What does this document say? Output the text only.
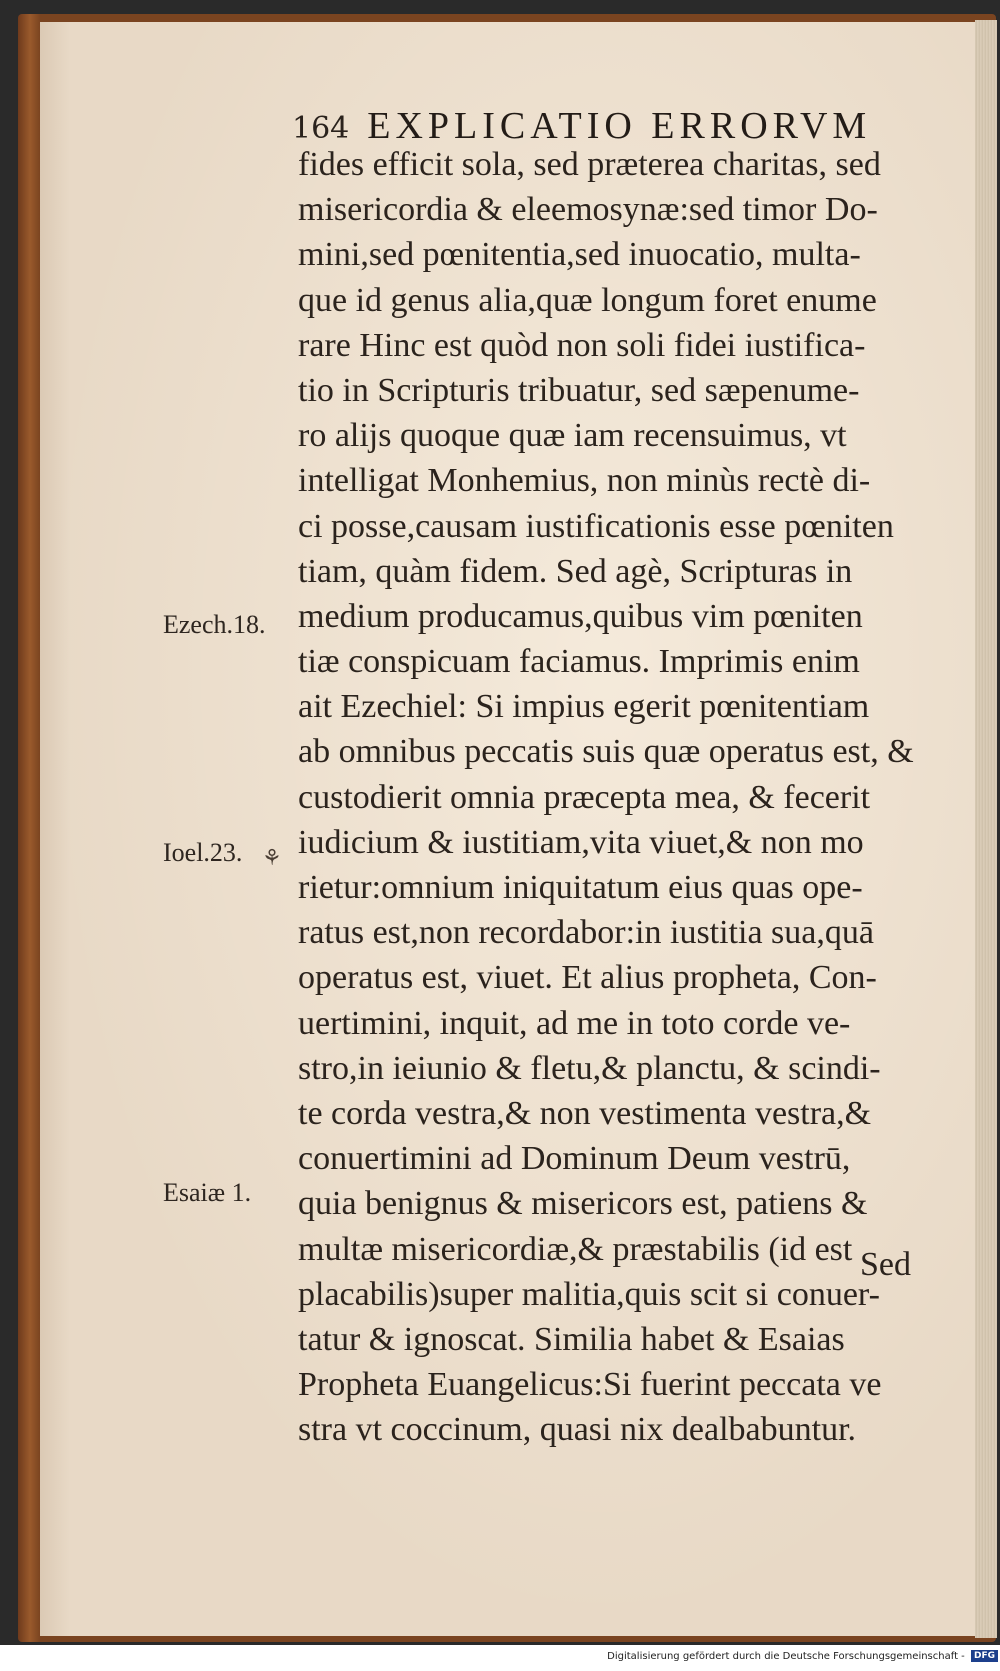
164 EXPLICATIO ERRORVM
fides efficit sola, sed præterea charitas, sed
misericordia & eleemosynæ:sed timor Do-
mini,sed pœnitentia,sed inuocatio, multa-
que id genus alia,quæ longum foret enume
rare Hinc est quòd non soli fidei iustifica-
tio in Scripturis tribuatur, sed sæpenume-
ro alijs quoque quæ iam recensuimus, vt
intelligat Monhemius, non minùs rectè di-
ci posse,causam iustificationis esse pœniten
tiam, quàm fidem. Sed agè, Scripturas in
medium producamus,quibus vim pœniten
tiæ conspicuam faciamus. Imprimis enim
ait Ezechiel: Si impius egerit pœnitentiam
ab omnibus peccatis suis quæ operatus est, &
custodierit omnia præcepta mea, & fecerit
iudicium & iustitiam,vita viuet,& non mo
rietur:omnium iniquitatum eius quas ope-
ratus est,non recordabor:in iustitia sua,quā
operatus est, viuet. Et alius propheta, Con-
uertimini, inquit, ad me in toto corde ve-
stro,in ieiunio & fletu,& planctu, & scindi-
te corda vestra,& non vestimenta vestra,&
conuertimini ad Dominum Deum vestrū,
quia benignus & misericors est, patiens &
multæ misericordiæ,& præstabilis (id est
placabilis)super malitia,quis scit si conuer-
tatur & ignoscat. Similia habet & Esaias
Propheta Euangelicus:Si fuerint peccata ve
stra vt coccinum, quasi nix dealbabuntur.
Ezech.18.
Ioel.23. ⚘
Esaiæ 1.
Sed
Digitalisierung gefördert durch die Deutsche Forschungsgemeinschaft - DFG
